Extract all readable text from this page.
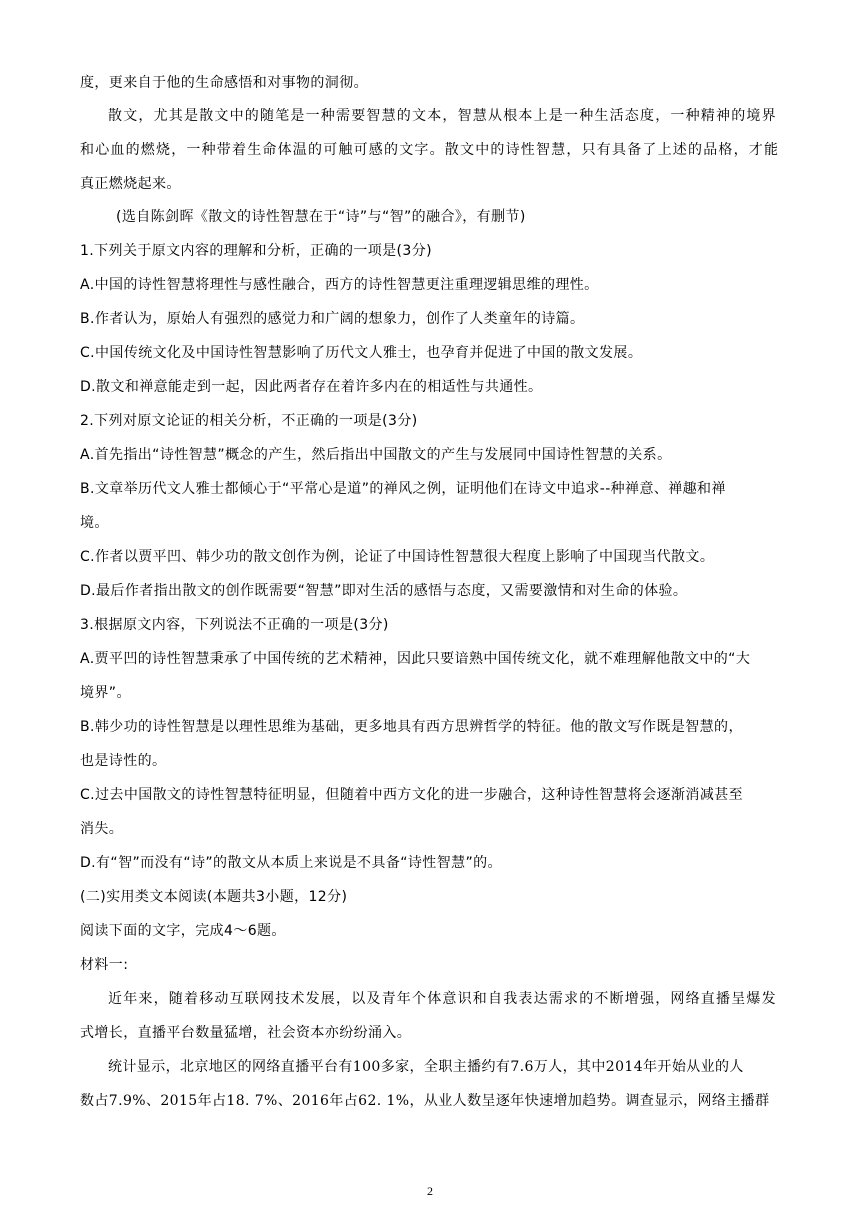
度，更来自于他的生命感悟和对事物的洞彻。
散文，尤其是散文中的随笔是一种需要智慧的文本，智慧从根本上是一种生活态度，一种精神的境界
和心血的燃烧，一种带着生命体温的可触可感的文字。散文中的诗性智慧，只有具备了上述的品格，才能
真正燃烧起来。
(选自陈剑晖《散文的诗性智慧在于“诗”与“智”的融合》，有删节)
1.下列关于原文内容的理解和分析，正确的一项是(3分)
A.中国的诗性智慧将理性与感性融合，西方的诗性智慧更注重理逻辑思维的理性。
B.作者认为，原始人有强烈的感觉力和广阔的想象力，创作了人类童年的诗篇。
C.中国传统文化及中国诗性智慧影响了历代文人雅士，也孕育并促进了中国的散文发展。
D.散文和禅意能走到一起，因此两者存在着许多内在的相适性与共通性。
2.下列对原文论证的相关分析，不正确的一项是(3分)
A.首先指出“诗性智慧”概念的产生，然后指出中国散文的产生与发展同中国诗性智慧的关系。
B.文章举历代文人雅士都倾心于“平常心是道”的禅风之例，证明他们在诗文中追求--种禅意、禅趣和禅
境。
C.作者以贾平凹、韩少功的散文创作为例，论证了中国诗性智慧很大程度上影响了中国现当代散文。
D.最后作者指出散文的创作既需要“智慧”即对生活的感悟与态度，又需要激情和对生命的体验。
3.根据原文内容，下列说法不正确的一项是(3分)
A.贾平凹的诗性智慧秉承了中国传统的艺术精神，因此只要谙熟中国传统文化，就不难理解他散文中的“大
境界”。
B.韩少功的诗性智慧是以理性思维为基础，更多地具有西方思辨哲学的特征。他的散文写作既是智慧的，
也是诗性的。
C.过去中国散文的诗性智慧特征明显，但随着中西方文化的进一步融合，这种诗性智慧将会逐渐消减甚至
消失。
D.有“智”而没有“诗”的散文从本质上来说是不具备“诗性智慧”的。
(二)实用类文本阅读(本题共3小题，12分)
阅读下面的文字，完成4～6题。
材料一:
近年来，随着移动互联网技术发展，以及青年个体意识和自我表达需求的不断增强，网络直播呈爆发
式增长，直播平台数量猛增，社会资本亦纷纷涌入。
统计显示，北京地区的网络直播平台有100多家，全职主播约有7.6万人，其中2014年开始从业的人
数占7.9%、2015年占18. 7%、2016年占62. 1%，从业人数呈逐年快速增加趋势。调查显示，网络主播群
2
